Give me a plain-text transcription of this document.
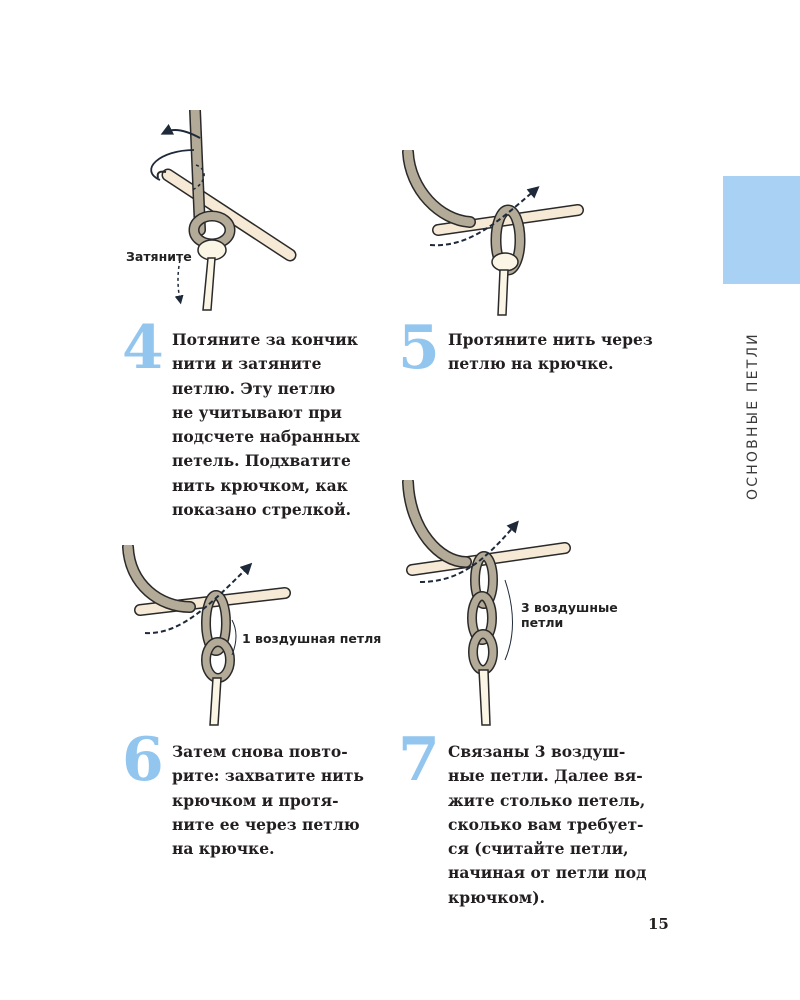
ОСНОВНЫЕ ПЕТЛИ
Затяните
1 воздушная петля
3 воздушные
петли
4 Потяните за кончик
нити и затяните
петлю. Эту петлю
не учитывают при
подсчете набранных
петель. Подхватите
нить крючком, как
показано стрелкой.
5 Протяните нить через
петлю на крючке.
6 Затем снова повто-
рите: захватите нить
крючком и протя-
ните ее через петлю
на крючке.
7 Связаны 3 воздуш-
ные петли. Далее вя-
жите столько петель,
сколько вам требует-
ся (считайте петли,
начиная от петли под
крючком).
15
